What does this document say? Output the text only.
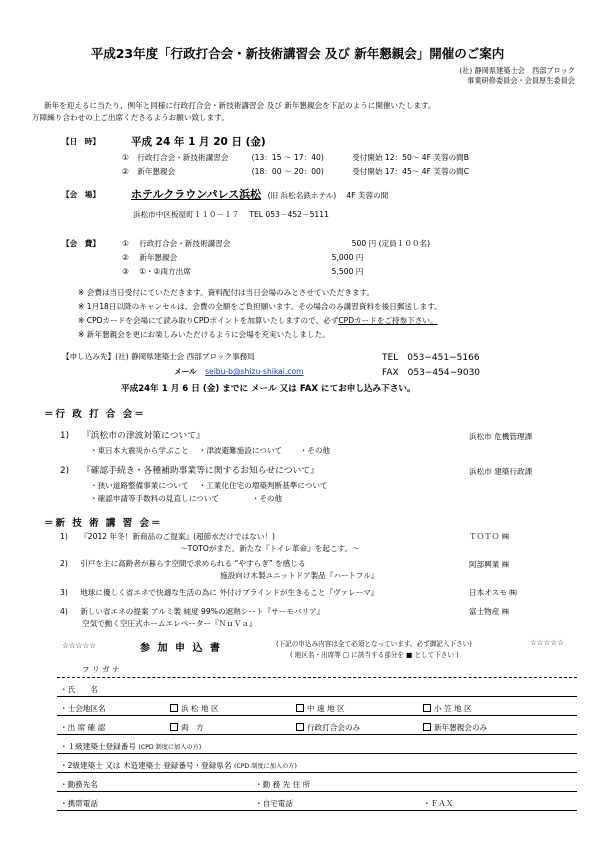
平成23年度「行政打合会・新技術講習会 及び 新年懇親会」開催のご案内
(社) 静岡県建築士会　西部ブロック
事業研修委員会・会員厚生委員会
新年を迎えるに当たり、例年と同様に行政打合会・新技術講習会 及び 新年懇親会を下記のように開催いたします。
万障繰り合わせの上ご出席くださるようお願い致します。
【日　時】	平成 24 年 1 月 20 日 (金)
① 行政打合会・新技術講習会	(13：15 ～ 17：40)	受付開始 12：50～ 4F 芙蓉の間B
② 新年懇親会	(18：00 ～ 20：00)	受付開始 17：45～ 4F 芙蓉の間C
【会　場】	ホテルクラウンパレス浜松 (旧 浜松名鉄ホテル)　 4F 芙蓉の間
浜松市中区板屋町１１０－１７　 TEL 053－452－5111
【会　費】	① 行政打合会・新技術講習会	500 円 (定員１００名)
② 新年懇親会	5,000 円
③ ①・②両方出席	5,500 円
※ 会費は当日受付にていただきます。資料配付は当日会場のみとさせていただきます。
※ 1月18日以降のキャンセルは、会費の全額をご負担願います。その場合のみ講習資料を後日郵送します。
※ CPDカードを会場にて読み取りCPDポイントを加算いたしますので、必ずCPDカードをご持参下さい。
※ 新年懇親会を更にお楽しみいただけるように会場を充実いたしました。
【申し込み先】(社) 静岡県建築士会 西部ブロック事務局	TEL　053−451−5166
メール seibu-b@shizu-shikai.com	FAX　053−454−9030
平成24年 1 月 6 日 (金) までに メール 又は FAX にてお申し込み下さい。
＝行 政 打 合 会＝
1) 『浜松市の津波対策について』	浜松市 危機管理課
・東日本大震災から学ぶこと　 ・津波避難施設について　　 ・その他
2) 『確認手続き・各種補助事業等に関するお知らせについて』	浜松市 建築行政課
・狭い道路整備事業について　 ・工業化住宅の増築判断基準について
・確認申請等手数料の見直しについて　　　　 ・その他
＝新 技 術 講 習 会＝
1) 『2012 年冬！新商品のご提案』(超節水だけではない！)
～TOTOがまた、新たな『トイレ革命』を起こす。～
ＴＯＴＯ ㈱
2) 引戸を主に高齢者が暮らす空間で求められる “やすらぎ” を感じる
施設向け木製ユニットドア製品『ハートフル』
阿部興業 ㈱
3) 地球に優しく省エネで快適な生活の為に 外付けブラインドが生きること『ヴァレーマ』	日本オスモ ㈱
4) 新しい省エネの提案 アルミ製 純度 99%の遮熱シート『サーモバリア』
空気で動く空圧式ホームエレベーター『ＮｕＶａ』
富士物産 ㈱
☆☆☆☆☆	参 加 申 込 書	(下記の申込み内容は全て必須となっています。必ず御記入下さい)
( 地区名・出席等 □ に該当する部分を ■ として下さい )
☆☆☆☆☆
フ リ ガ ナ
・氏　　名
・士会地区名	浜 松 地 区	中 遠 地 区	小 笠 地 区
・出 席 確 認	両　方	行政打合会のみ	新年懇親会のみ
・１級建築士登録番号 (CPD 制度に加入の方)
・2級建築士 又は 木造建築士 登録番号・登録県名 (CPD 制度に加入の方)
・勤務先名	・勤 務 先 住 所
・携帯電話	・自宅電話	・ＦＡＸ
